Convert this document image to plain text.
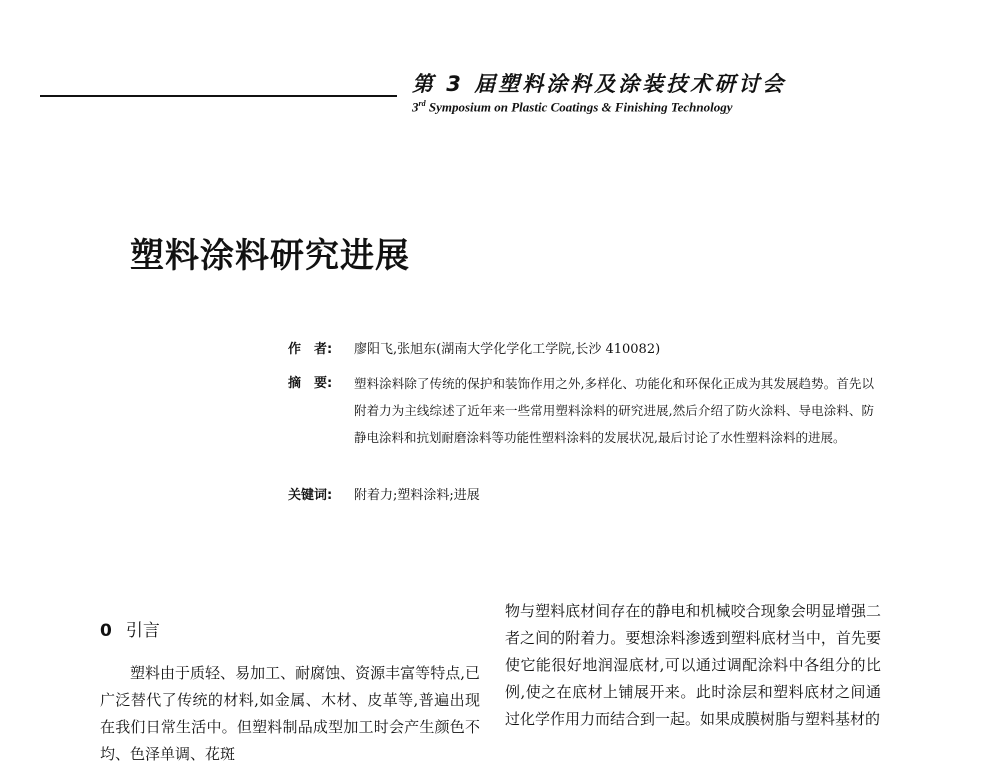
第 3 届塑料涂料及涂装技术研讨会
3rd Symposium on Plastic Coatings & Finishing Technology
塑料涂料研究进展
作　者:	廖阳飞,张旭东(湖南大学化学化工学院,长沙 410082)
摘　要:	塑料涂料除了传统的保护和装饰作用之外,多样化、功能化和环保化正成为其发展趋势。首先以附着力为主线综述了近年来一些常用塑料涂料的研究进展,然后介绍了防火涂料、导电涂料、防静电涂料和抗划耐磨涂料等功能性塑料涂料的发展状况,最后讨论了水性塑料涂料的进展。
关键词:	附着力;塑料涂料;进展
0 引言

塑料由于质轻、易加工、耐腐蚀、资源丰富等特点,已广泛替代了传统的材料,如金属、木材、皮革等,普遍出现在我们日常生活中。但塑料制品成型加工时会产生颜色不均、色泽单调、花斑

物与塑料底材间存在的静电和机械咬合现象会明显增强二者之间的附着力。要想涂料渗透到塑料底材当中，首先要使它能很好地润湿底材,可以通过调配涂料中各组分的比例,使之在底材上铺展开来。此时涂层和塑料底材之间通过化学作用力而结合到一起。如果成膜树脂与塑料基材的
